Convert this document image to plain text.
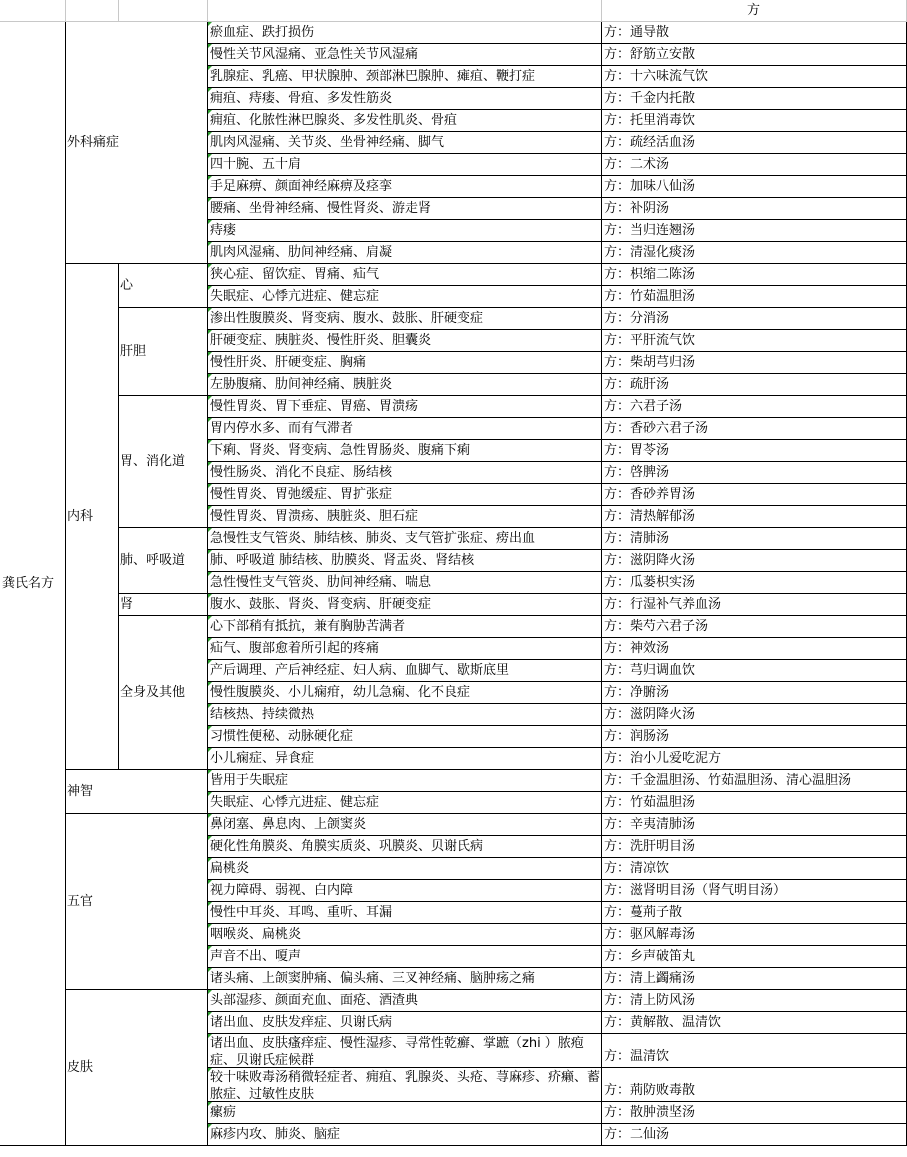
方
瘀血症、跌打损伤	方：通导散
慢性关节风湿痛、亚急性关节风湿痛	方：舒筋立安散
乳腺症、乳癌、甲状腺肿、颈部淋巴腺肿、瘫疽、鞭打症	方：十六味流气饮
痈疽、痔瘘、骨疽、多发性筋炎	方：千金内托散
痈疽、化脓性淋巴腺炎、多发性肌炎、骨疽	方：托里消毒饮
肌肉风湿痛、关节炎、坐骨神经痛、脚气	方：疏经活血汤
四十腕、五十肩	方：二术汤
手足麻痹、颜面神经麻痹及痉挛	方：加味八仙汤
腰痛、坐骨神经痛、慢性肾炎、游走肾	方：补阴汤
痔瘘	方：当归连翘汤
肌肉风湿痛、肋间神经痛、肩凝	方：清湿化痰汤
外科痛症
狭心症、留饮症、胃痛、疝气	方：枳缩二陈汤
失眠症、心悸亢进症、健忘症	方：竹茹温胆汤
心
渗出性腹膜炎、肾变病、腹水、鼓胀、肝硬变症	方：分消汤
肝硬变症、胰脏炎、慢性肝炎、胆囊炎	方：平肝流气饮
慢性肝炎、肝硬变症、胸痛	方：柴胡芎归汤
左胁腹痛、肋间神经痛、胰脏炎	方：疏肝汤
肝胆
慢性胃炎、胃下垂症、胃癌、胃溃疡	方：六君子汤
胃内停水多、而有气滞者	方：香砂六君子汤
下痢、肾炎、肾变病、急性胃肠炎、腹痛下痢	方：胃苓汤
慢性肠炎、消化不良症、肠结核	方：啓脾汤
慢性胃炎、胃弛缓症、胃扩张症	方：香砂养胃汤
慢性胃炎、胃溃疡、胰脏炎、胆石症	方：清热解郁汤
胃、消化道
急慢性支气管炎、肺结核、肺炎、支气管扩张症、痨出血	方：清肺汤
肺、呼吸道 肺结核、肋膜炎、肾盂炎、肾结核	方：滋阴降火汤
急性慢性支气管炎、肋间神经痛、喘息	方：瓜蒌枳实汤
肺、呼吸道
腹水、鼓胀、肾炎、肾变病、肝硬变症	方：行湿补气养血汤
肾
心下部稍有抵抗，兼有胸胁苦满者	方：柴芍六君子汤
疝气、腹部愈着所引起的疼痛	方：神效汤
产后调理、产后神经症、妇人病、血脚气、歇斯底里	方：芎归调血饮
慢性腹膜炎、小儿痫疳，幼儿急痫、化不良症	方：净腑汤
结核热、持续微热	方：滋阴降火汤
习惯性便秘、动脉硬化症	方：润肠汤
小儿痫症、异食症	方：治小儿爱吃泥方
全身及其他
内科
皆用于失眠症	方：千金温胆汤、竹茹温胆汤、清心温胆汤
失眠症、心悸亢进症、健忘症	方：竹茹温胆汤
神智
鼻闭塞、鼻息肉、上颌窦炎	方：辛夷清肺汤
硬化性角膜炎、角膜实质炎、巩膜炎、贝谢氏病	方：洗肝明目汤
扁桃炎	方：清凉饮
视力障碍、弱视、白内障	方：滋肾明目汤（肾气明目汤）
慢性中耳炎、耳鸣、重听、耳漏	方：蔓荊子散
咽喉炎、扁桃炎	方：驱风解毒汤
声音不出、嗄声	方：乡声破笛丸
诸头痛、上颌窦肿痛、偏头痛、三叉神经痛、脑肿疡之痛	方：清上蠲痛汤
五官
头部湿疹、颜面充血、面疮、酒渣典	方：清上防风汤
诸出血、皮肤发痒症、贝谢氏病	方：黄解散、温清饮
诸出血、皮肤瘙痒症、慢性湿疹、寻常性乾癬、掌蹠（zhi ）脓疱症、贝谢氏症候群	方：温清饮
较十味败毒汤稍微轻症者、痈疽、乳腺炎、头疮、荨麻疹、疥癞、蓄脓症、过敏性皮肤	方：荊防败毒散
瘰疬	方：散肿溃坚汤
麻疹内攻、肺炎、脑症	方：二仙汤
皮肤
龚氏名方
